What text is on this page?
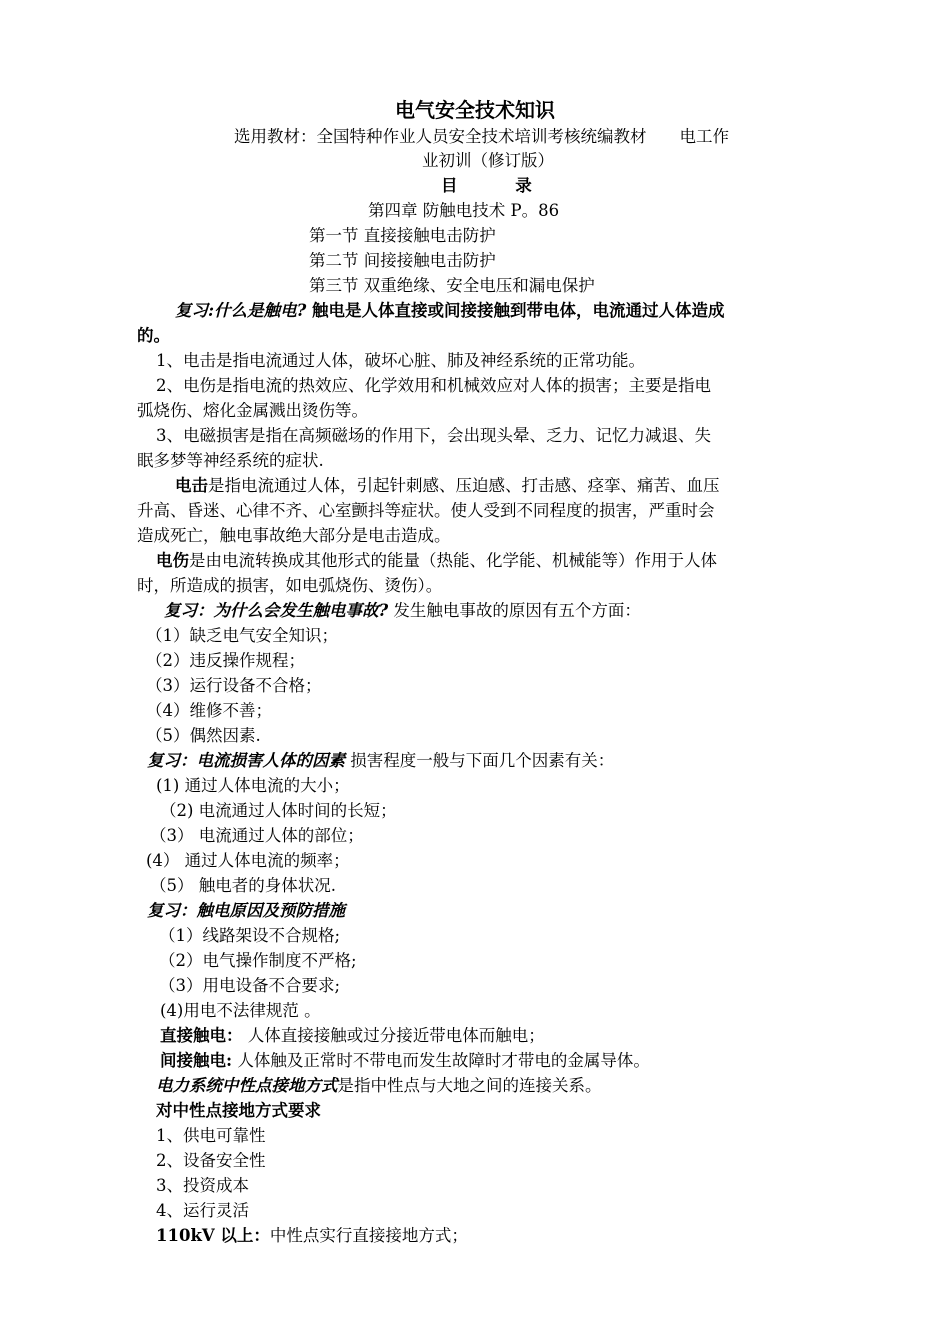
电气安全技术知识
选用教材：全国特种作业人员安全技术培训考核统编教材　　电工作
业初训（修订版）
目 录
第四章 防触电技术 P。86
第一节 直接接触电击防护
第二节 间接接触电击防护
第三节 双重绝缘、安全电压和漏电保护
复习:什么是触电? 触电是人体直接或间接接触到带电体，电流通过人体造成
的。
1、电击是指电流通过人体，破坏心脏、肺及神经系统的正常功能。
2、电伤是指电流的热效应、化学效用和机械效应对人体的损害；主要是指电
弧烧伤、熔化金属溅出烫伤等。
3、电磁损害是指在高频磁场的作用下，会出现头晕、乏力、记忆力减退、失
眠多梦等神经系统的症状.
电击是指电流通过人体，引起针刺感、压迫感、打击感、痉挛、痛苦、血压
升高、昏迷、心律不齐、心室颤抖等症状。使人受到不同程度的损害，严重时会
造成死亡，触电事故绝大部分是电击造成。
电伤是由电流转换成其他形式的能量（热能、化学能、机械能等）作用于人体
时，所造成的损害，如电弧烧伤、烫伤）。
复习：为什么会发生触电事故? 发生触电事故的原因有五个方面：
（1）缺乏电气安全知识；
（2）违反操作规程；
（3）运行设备不合格；
（4）维修不善；
（5）偶然因素.
复习：电流损害人体的因素 损害程度一般与下面几个因素有关：
(1) 通过人体电流的大小；
（2) 电流通过人体时间的长短；
（3） 电流通过人体的部位；
(4） 通过人体电流的频率；
（5） 触电者的身体状况.
复习：触电原因及预防措施
（1）线路架设不合规格;
（2）电气操作制度不严格;
（3）用电设备不合要求;
(4)用电不法律规范 。
直接触电： 人体直接接触或过分接近带电体而触电；
间接触电: 人体触及正常时不带电而发生故障时才带电的金属导体。
电力系统中性点接地方式是指中性点与大地之间的连接关系。
对中性点接地方式要求
1、供电可靠性
2、设备安全性
3、投资成本
4、运行灵活
110kV 以上：中性点实行直接接地方式；
